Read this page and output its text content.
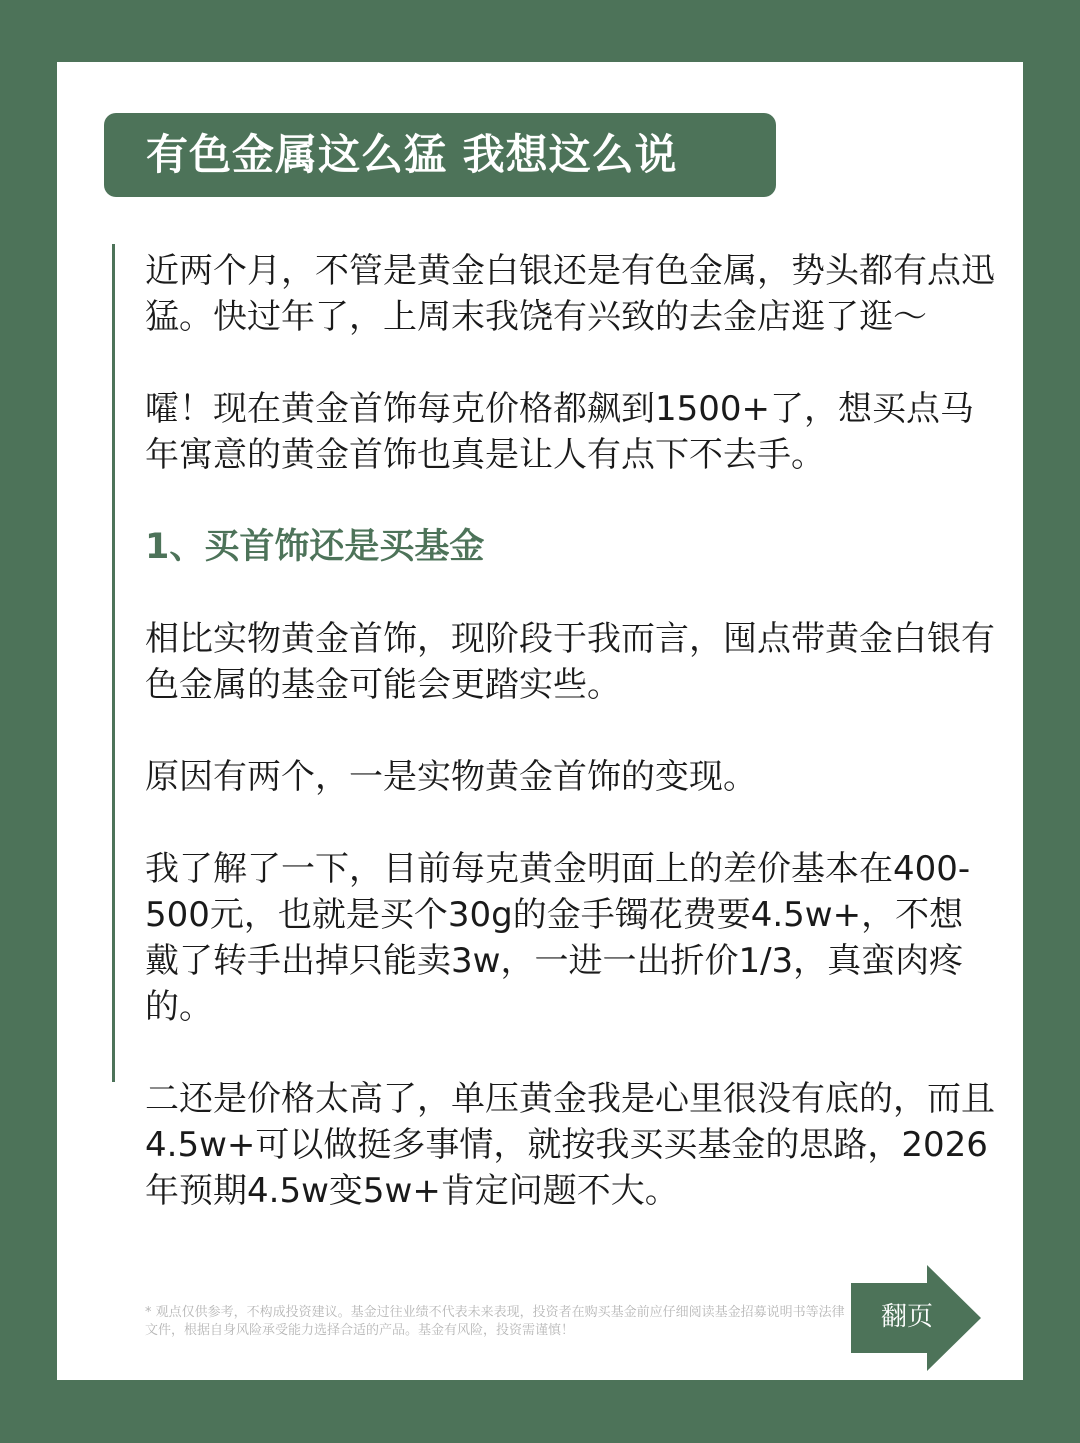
有色金属这么猛 我想这么说

近两个月，不管是黄金白银还是有色金属，势头都有点迅猛。快过年了，上周末我饶有兴致的去金店逛了逛～

嚯！现在黄金首饰每克价格都飙到1500+了，想买点马年寓意的黄金首饰也真是让人有点下不去手。

1、买首饰还是买基金

相比实物黄金首饰，现阶段于我而言，囤点带黄金白银有色金属的基金可能会更踏实些。

原因有两个，一是实物黄金首饰的变现。

我了解了一下，目前每克黄金明面上的差价基本在400-500元，也就是买个30g的金手镯花费要4.5w+，不想戴了转手出掉只能卖3w，一进一出折价1/3，真蛮肉疼的。

二还是价格太高了，单压黄金我是心里很没有底的，而且4.5w+可以做挺多事情，就按我买买基金的思路，2026年预期4.5w变5w+肯定问题不大。

* 观点仅供参考，不构成投资建议。基金过往业绩不代表未来表现，投资者在购买基金前应仔细阅读基金招募说明书等法律文件，根据自身风险承受能力选择合适的产品。基金有风险，投资需谨慎！	翻页
